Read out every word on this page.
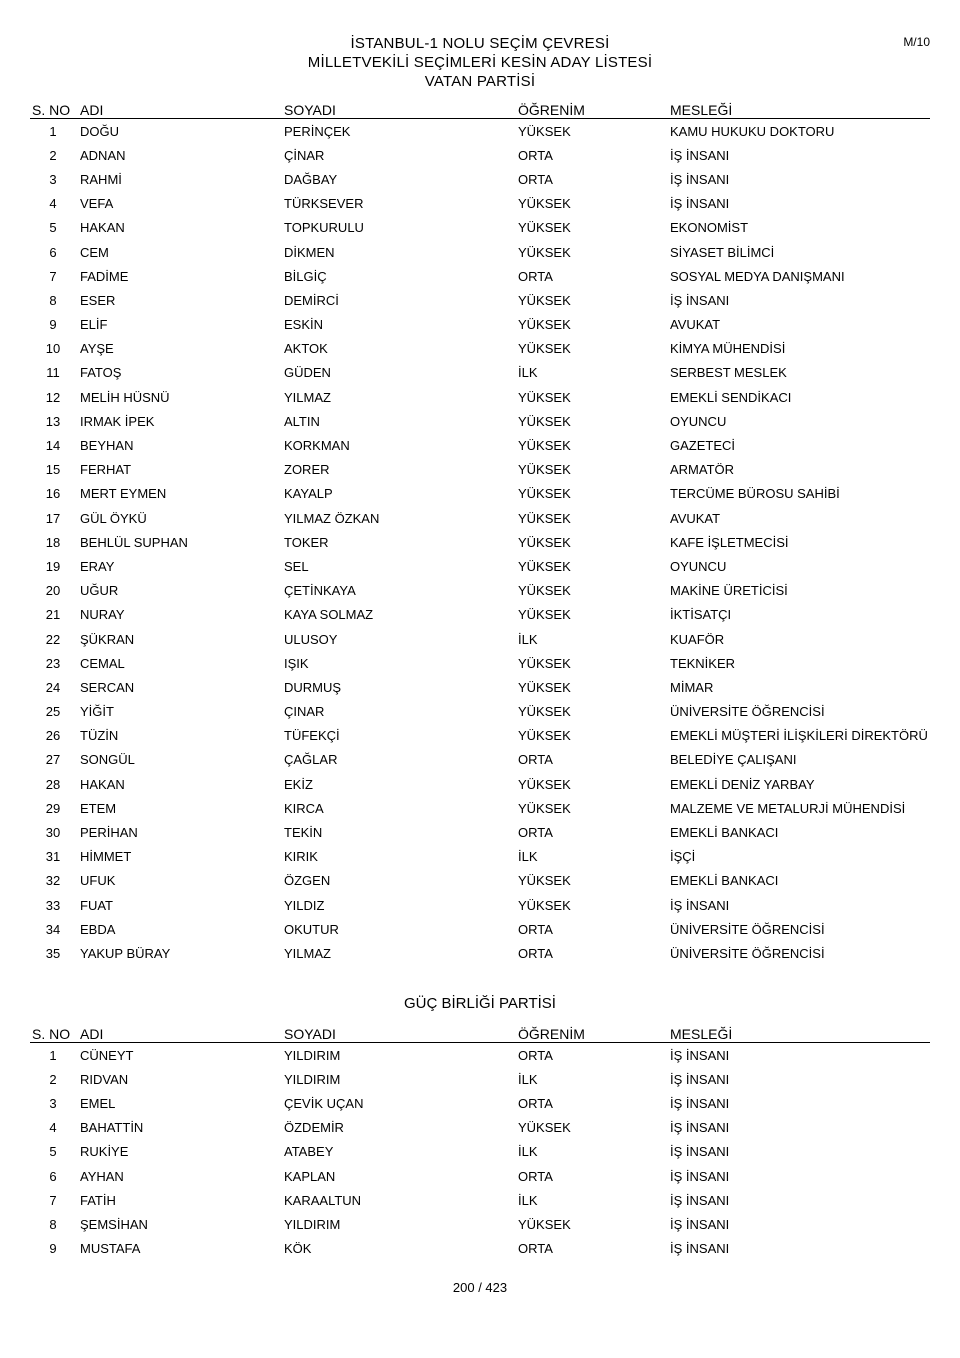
İSTANBUL-1 NOLU SEÇİM ÇEVRESİ
MİLLETVEKİLİ SEÇİMLERİ KESİN ADAY LİSTESİ
VATAN PARTİSİ
M/10
S. NO	ADI	SOYADI	ÖĞRENİM	MESLEĞİ
1	DOĞU	PERİNÇEK	YÜKSEK	KAMU HUKUKU DOKTORU
2	ADNAN	ÇİNAR	ORTA	İŞ İNSANI
3	RAHMİ	DAĞBAY	ORTA	İŞ İNSANI
4	VEFA	TÜRKSEVER	YÜKSEK	İŞ İNSANI
5	HAKAN	TOPKURULU	YÜKSEK	EKONOMİST
6	CEM	DİKMEN	YÜKSEK	SİYASET BİLİMCİ
7	FADİME	BİLGİÇ	ORTA	SOSYAL MEDYA DANIŞMANI
8	ESER	DEMİRCİ	YÜKSEK	İŞ İNSANI
9	ELİF	ESKİN	YÜKSEK	AVUKAT
10	AYŞE	AKTOK	YÜKSEK	KİMYA MÜHENDİSİ
11	FATOŞ	GÜDEN	İLK	SERBEST MESLEK
12	MELİH HÜSNÜ	YILMAZ	YÜKSEK	EMEKLİ SENDİKACI
13	IRMAK İPEK	ALTIN	YÜKSEK	OYUNCU
14	BEYHAN	KORKMAN	YÜKSEK	GAZETECİ
15	FERHAT	ZORER	YÜKSEK	ARMATÖR
16	MERT EYMEN	KAYALP	YÜKSEK	TERCÜME BÜROSU SAHİBİ
17	GÜL ÖYKÜ	YILMAZ ÖZKAN	YÜKSEK	AVUKAT
18	BEHLÜL SUPHAN	TOKER	YÜKSEK	KAFE İŞLETMECİSİ
19	ERAY	SEL	YÜKSEK	OYUNCU
20	UĞUR	ÇETİNKAYA	YÜKSEK	MAKİNE ÜRETİCİSİ
21	NURAY	KAYA SOLMAZ	YÜKSEK	İKTİSATÇI
22	ŞÜKRAN	ULUSOY	İLK	KUAFÖR
23	CEMAL	IŞIK	YÜKSEK	TEKNİKER
24	SERCAN	DURMUŞ	YÜKSEK	MİMAR
25	YİĞİT	ÇINAR	YÜKSEK	ÜNİVERSİTE ÖĞRENCİSİ
26	TÜZİN	TÜFEKÇİ	YÜKSEK	EMEKLİ MÜŞTERİ İLİŞKİLERİ DİREKTÖRÜ
27	SONGÜL	ÇAĞLAR	ORTA	BELEDİYE ÇALIŞANI
28	HAKAN	EKİZ	YÜKSEK	EMEKLİ DENİZ YARBAY
29	ETEM	KIRCA	YÜKSEK	MALZEME VE METALURJİ MÜHENDİSİ
30	PERİHAN	TEKİN	ORTA	EMEKLİ BANKACI
31	HİMMET	KIRIK	İLK	İŞÇİ
32	UFUK	ÖZGEN	YÜKSEK	EMEKLİ BANKACI
33	FUAT	YILDIZ	YÜKSEK	İŞ İNSANI
34	EBDA	OKUTUR	ORTA	ÜNİVERSİTE ÖĞRENCİSİ
35	YAKUP BÜRAY	YILMAZ	ORTA	ÜNİVERSİTE ÖĞRENCİSİ
GÜÇ BİRLİĞİ PARTİSİ
S. NO	ADI	SOYADI	ÖĞRENİM	MESLEĞİ
1	CÜNEYT	YILDIRIM	ORTA	İŞ İNSANI
2	RIDVAN	YILDIRIM	İLK	İŞ İNSANI
3	EMEL	ÇEVİK UÇAN	ORTA	İŞ İNSANI
4	BAHATTİN	ÖZDEMİR	YÜKSEK	İŞ İNSANI
5	RUKİYE	ATABEY	İLK	İŞ İNSANI
6	AYHAN	KAPLAN	ORTA	İŞ İNSANI
7	FATİH	KARAALTUN	İLK	İŞ İNSANI
8	ŞEMSİHAN	YILDIRIM	YÜKSEK	İŞ İNSANI
9	MUSTAFA	KÖK	ORTA	İŞ İNSANI
200 / 423
